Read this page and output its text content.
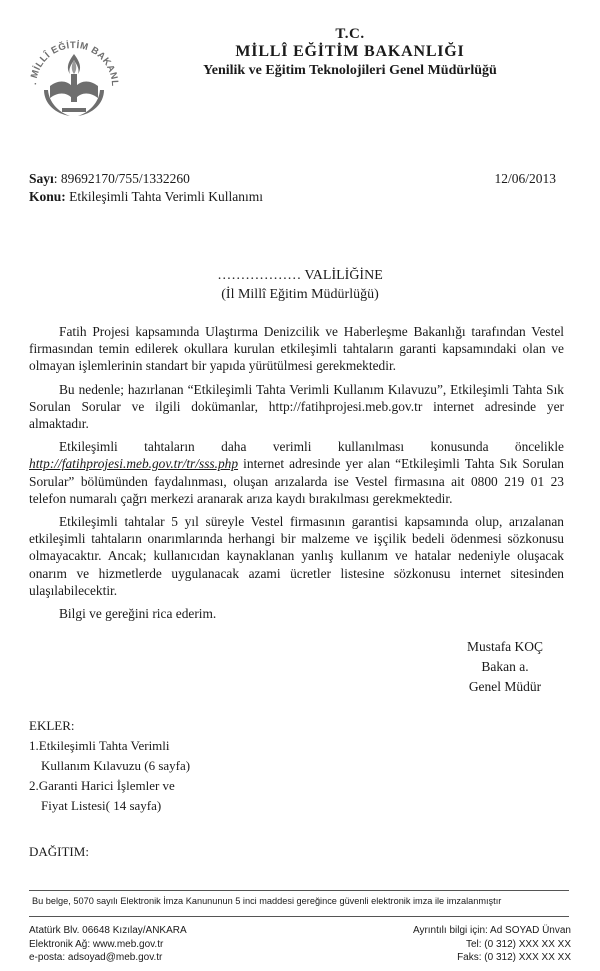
. MİLLÎ EĞİTİM BAKANL
T.C.
MİLLÎ EĞİTİM BAKANLIĞI
Yenilik ve Eğitim Teknolojileri Genel Müdürlüğü
Sayı: 89692170/755/1332260
Konu: Etkileşimli Tahta Verimli Kullanımı
12/06/2013
……………… VALİLİĞİNE
(İl Millî Eğitim Müdürlüğü)

Fatih Projesi kapsamında Ulaştırma Denizcilik ve Haberleşme Bakanlığı tarafından Vestel firmasından temin edilerek okullara kurulan etkileşimli tahtaların garanti kapsamındaki olan ve olmayan işlemlerinin standart bir yapıda yürütülmesi gerekmektedir.

Bu nedenle; hazırlanan “Etkileşimli Tahta Verimli Kullanım Kılavuzu”, Etkileşimli Tahta Sık Sorulan Sorular ve ilgili dokümanlar, http://fatihprojesi.meb.gov.tr internet adresinde yer almaktadır.

Etkileşimli tahtaların daha verimli kullanılması konusunda öncelikle http://fatihprojesi.meb.gov.tr/tr/sss.php internet adresinde yer alan “Etkileşimli Tahta Sık Sorulan Sorular” bölümünden faydalınması, oluşan arızalarda ise Vestel firmasına ait 0800 219 01 23 telefon numaralı çağrı merkezi aranarak arıza kaydı bırakılması gerekmektedir.

Etkileşimli tahtalar 5 yıl süreyle Vestel firmasının garantisi kapsamında olup, arızalanan etkileşimli tahtaların onarımlarında herhangi bir malzeme ve işçilik bedeli ödenmesi sözkonusu olmayacaktır. Ancak; kullanıcıdan kaynaklanan yanlış kullanım ve hatalar nedeniyle oluşacak onarım ve hizmetlerde uygulanacak azami ücretler listesine sözkonusu internet sitesinden ulaşılabilecektir.

Bilgi ve gereğini rica ederim.

Mustafa KOÇ
Bakan a.
Genel Müdür
EKLER:
1.Etkileşimli Tahta Verimli
Kullanım Kılavuzu (6 sayfa)
2.Garanti Harici İşlemler ve
Fiyat Listesi( 14 sayfa)
DAĞITIM:
Bu belge, 5070 sayılı Elektronik İmza Kanununun 5 inci maddesi gereğince güvenli elektronik imza ile imzalanmıştır
Atatürk Blv. 06648 Kızılay/ANKARA
Elektronik Ağ: www.meb.gov.tr
e-posta: adsoyad@meb.gov.tr
Ayrıntılı bilgi için: Ad SOYAD Ünvan
Tel: (0 312) XXX XX XX
Faks: (0 312) XXX XX XX
